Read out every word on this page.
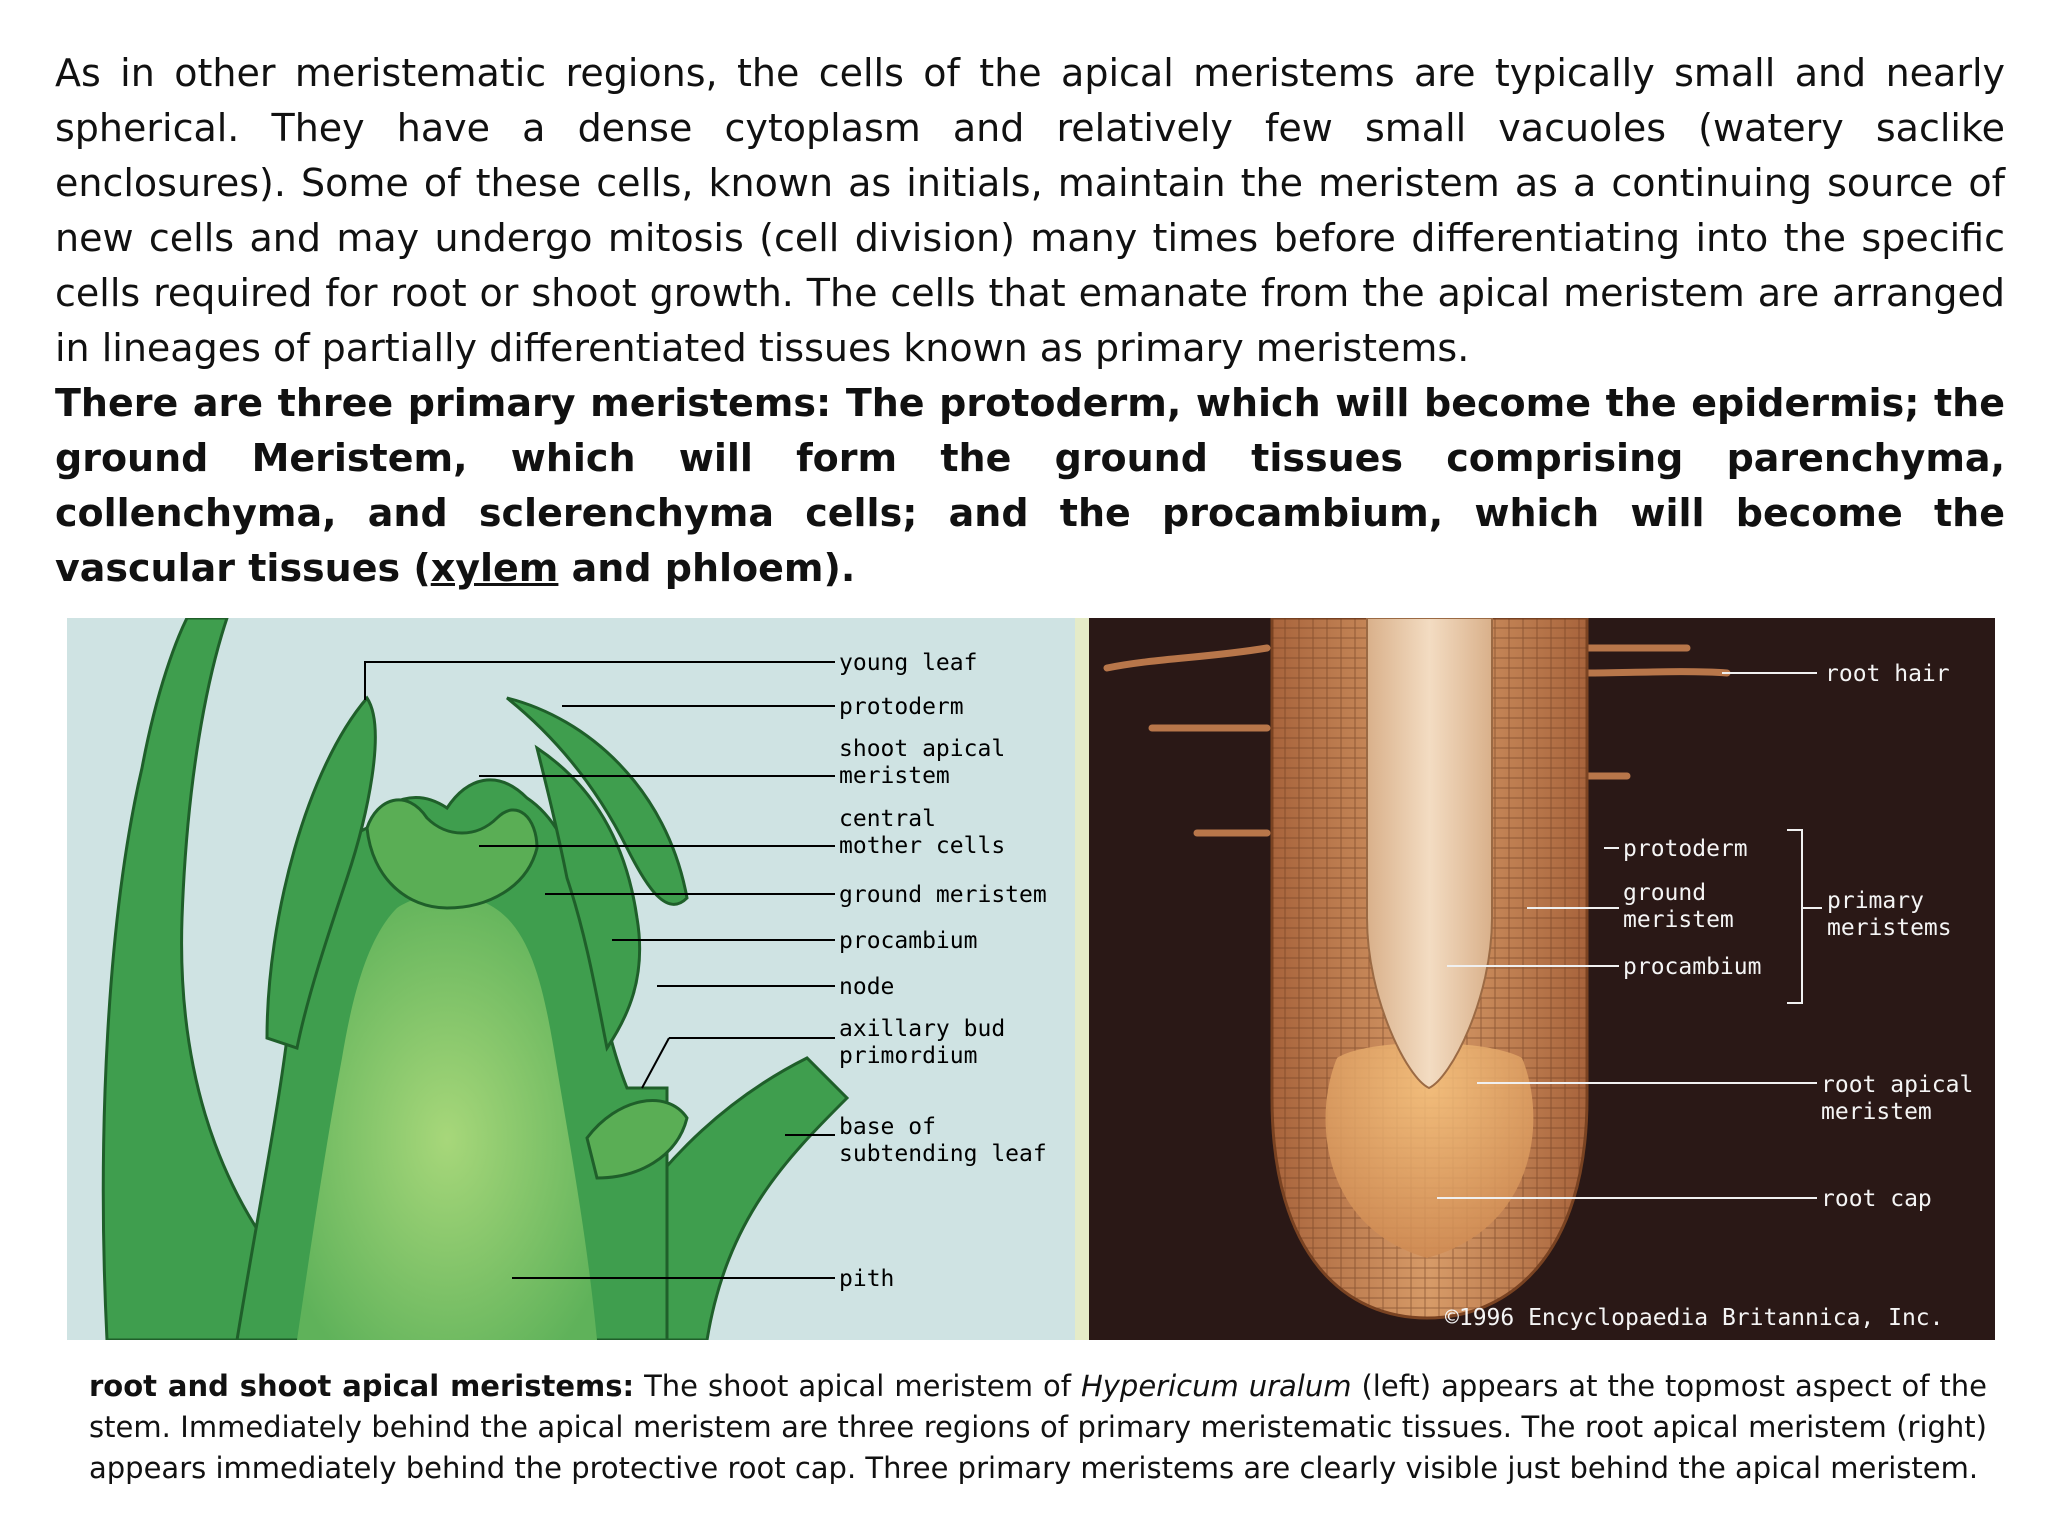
As in other meristematic regions, the cells of the apical meristems are typically small and nearly spherical. They have a dense cytoplasm and relatively few small vacuoles (watery saclike enclosures). Some of these cells, known as initials, maintain the meristem as a continuing source of new cells and may undergo mitosis (cell division) many times before differentiating into the specific cells required for root or shoot growth. The cells that emanate from the apical meristem are arranged in lineages of partially differentiated tissues known as primary meristems.

There are three primary meristems: The protoderm, which will become the epidermis; the ground Meristem, which will form the ground tissues comprising parenchyma, collenchyma, and sclerenchyma cells; and the procambium, which will become the vascular tissues (xylem and phloem).

young leaf
protoderm
shoot apical
meristem
central
mother cells
ground meristem
procambium
node
axillary bud
primordium
base of
subtending leaf
pith
root hair
protoderm
ground
meristem
procambium
primary
meristems
root apical
meristem
root cap
©1996 Encyclopaedia Britannica, Inc.

root and shoot apical meristems: The shoot apical meristem of Hypericum uralum (left) appears at the topmost aspect of the stem. Immediately behind the apical meristem are three regions of primary meristematic tissues. The root apical meristem (right) appears immediately behind the protective root cap. Three primary meristems are clearly visible just behind the apical meristem.
